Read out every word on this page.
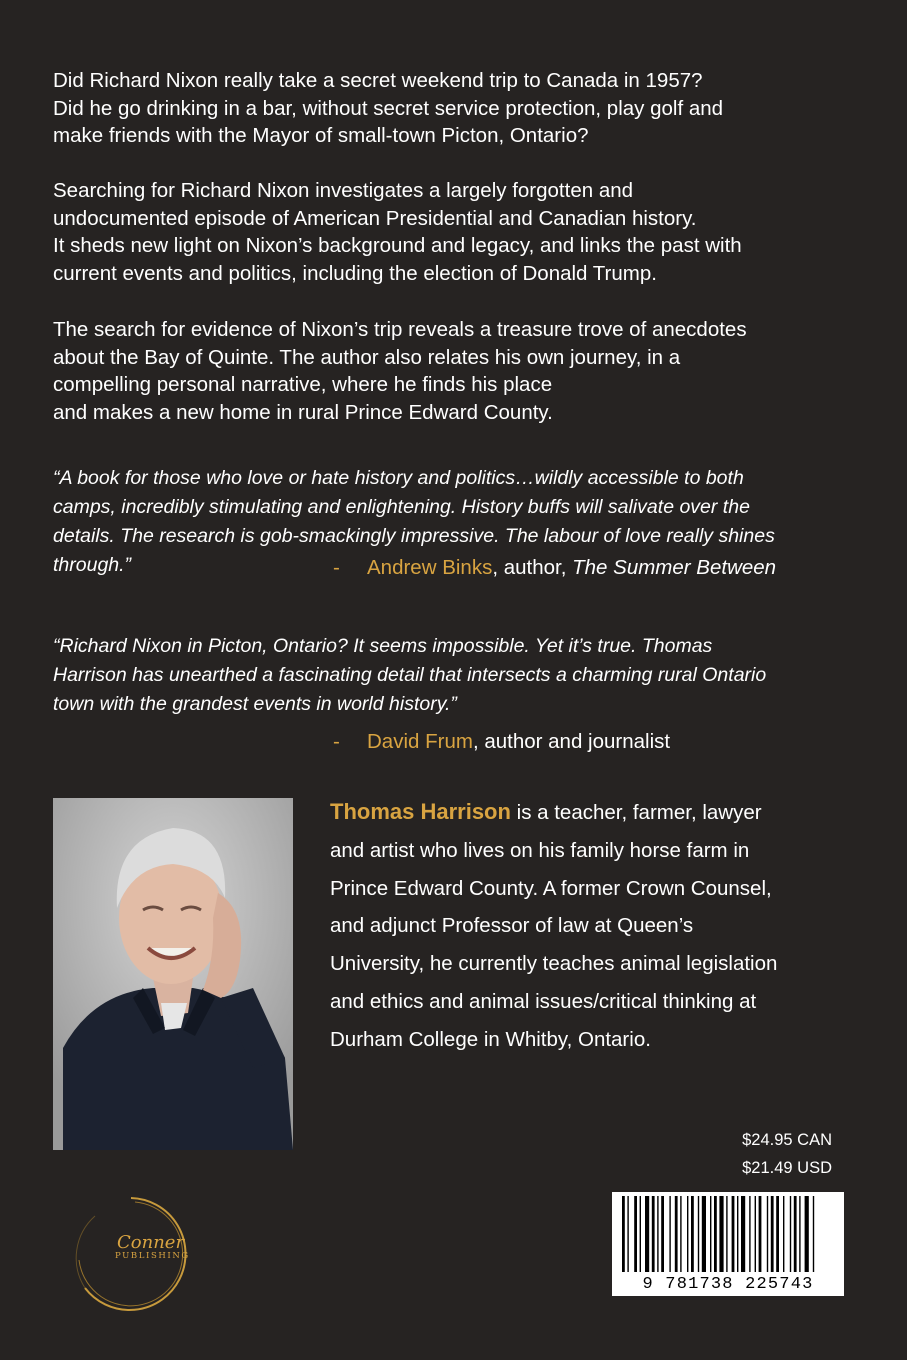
Did Richard Nixon really take a secret weekend trip to Canada in 1957?
Did he go drinking in a bar, without secret service protection, play golf and
make friends with the Mayor of small-town Picton, Ontario?

Searching for Richard Nixon investigates a largely forgotten and
undocumented episode of American Presidential and Canadian history.
It sheds new light on Nixon’s background and legacy, and links the past with
current events and politics, including the election of Donald Trump.

The search for evidence of Nixon’s trip reveals a treasure trove of anecdotes
about the Bay of Quinte. The author also relates his own journey, in a
compelling personal narrative, where he finds his place
and makes a new home in rural Prince Edward County.

“A book for those who love or hate history and politics…wildly accessible to both
camps, incredibly stimulating and enlightening. History buffs will salivate over the
details. The research is gob-smackingly impressive. The labour of love really shines
through.”	- Andrew Binks, author, The Summer Between

“Richard Nixon in Picton, Ontario? It seems impossible. Yet it’s true. Thomas
Harrison has unearthed a fascinating detail that intersects a charming rural Ontario
town with the grandest events in world history.”

- David Frum, author and journalist
Thomas Harrison is a teacher, farmer, lawyer
and artist who lives on his family horse farm in
Prince Edward County. A former Crown Counsel,
and adjunct Professor of law at Queen’s
University, he currently teaches animal legislation
and ethics and animal issues/critical thinking at
Durham College in Whitby, Ontario.
$24.95 CAN
$21.49 USD
9 781738 225743
Conner
PUBLISHING
